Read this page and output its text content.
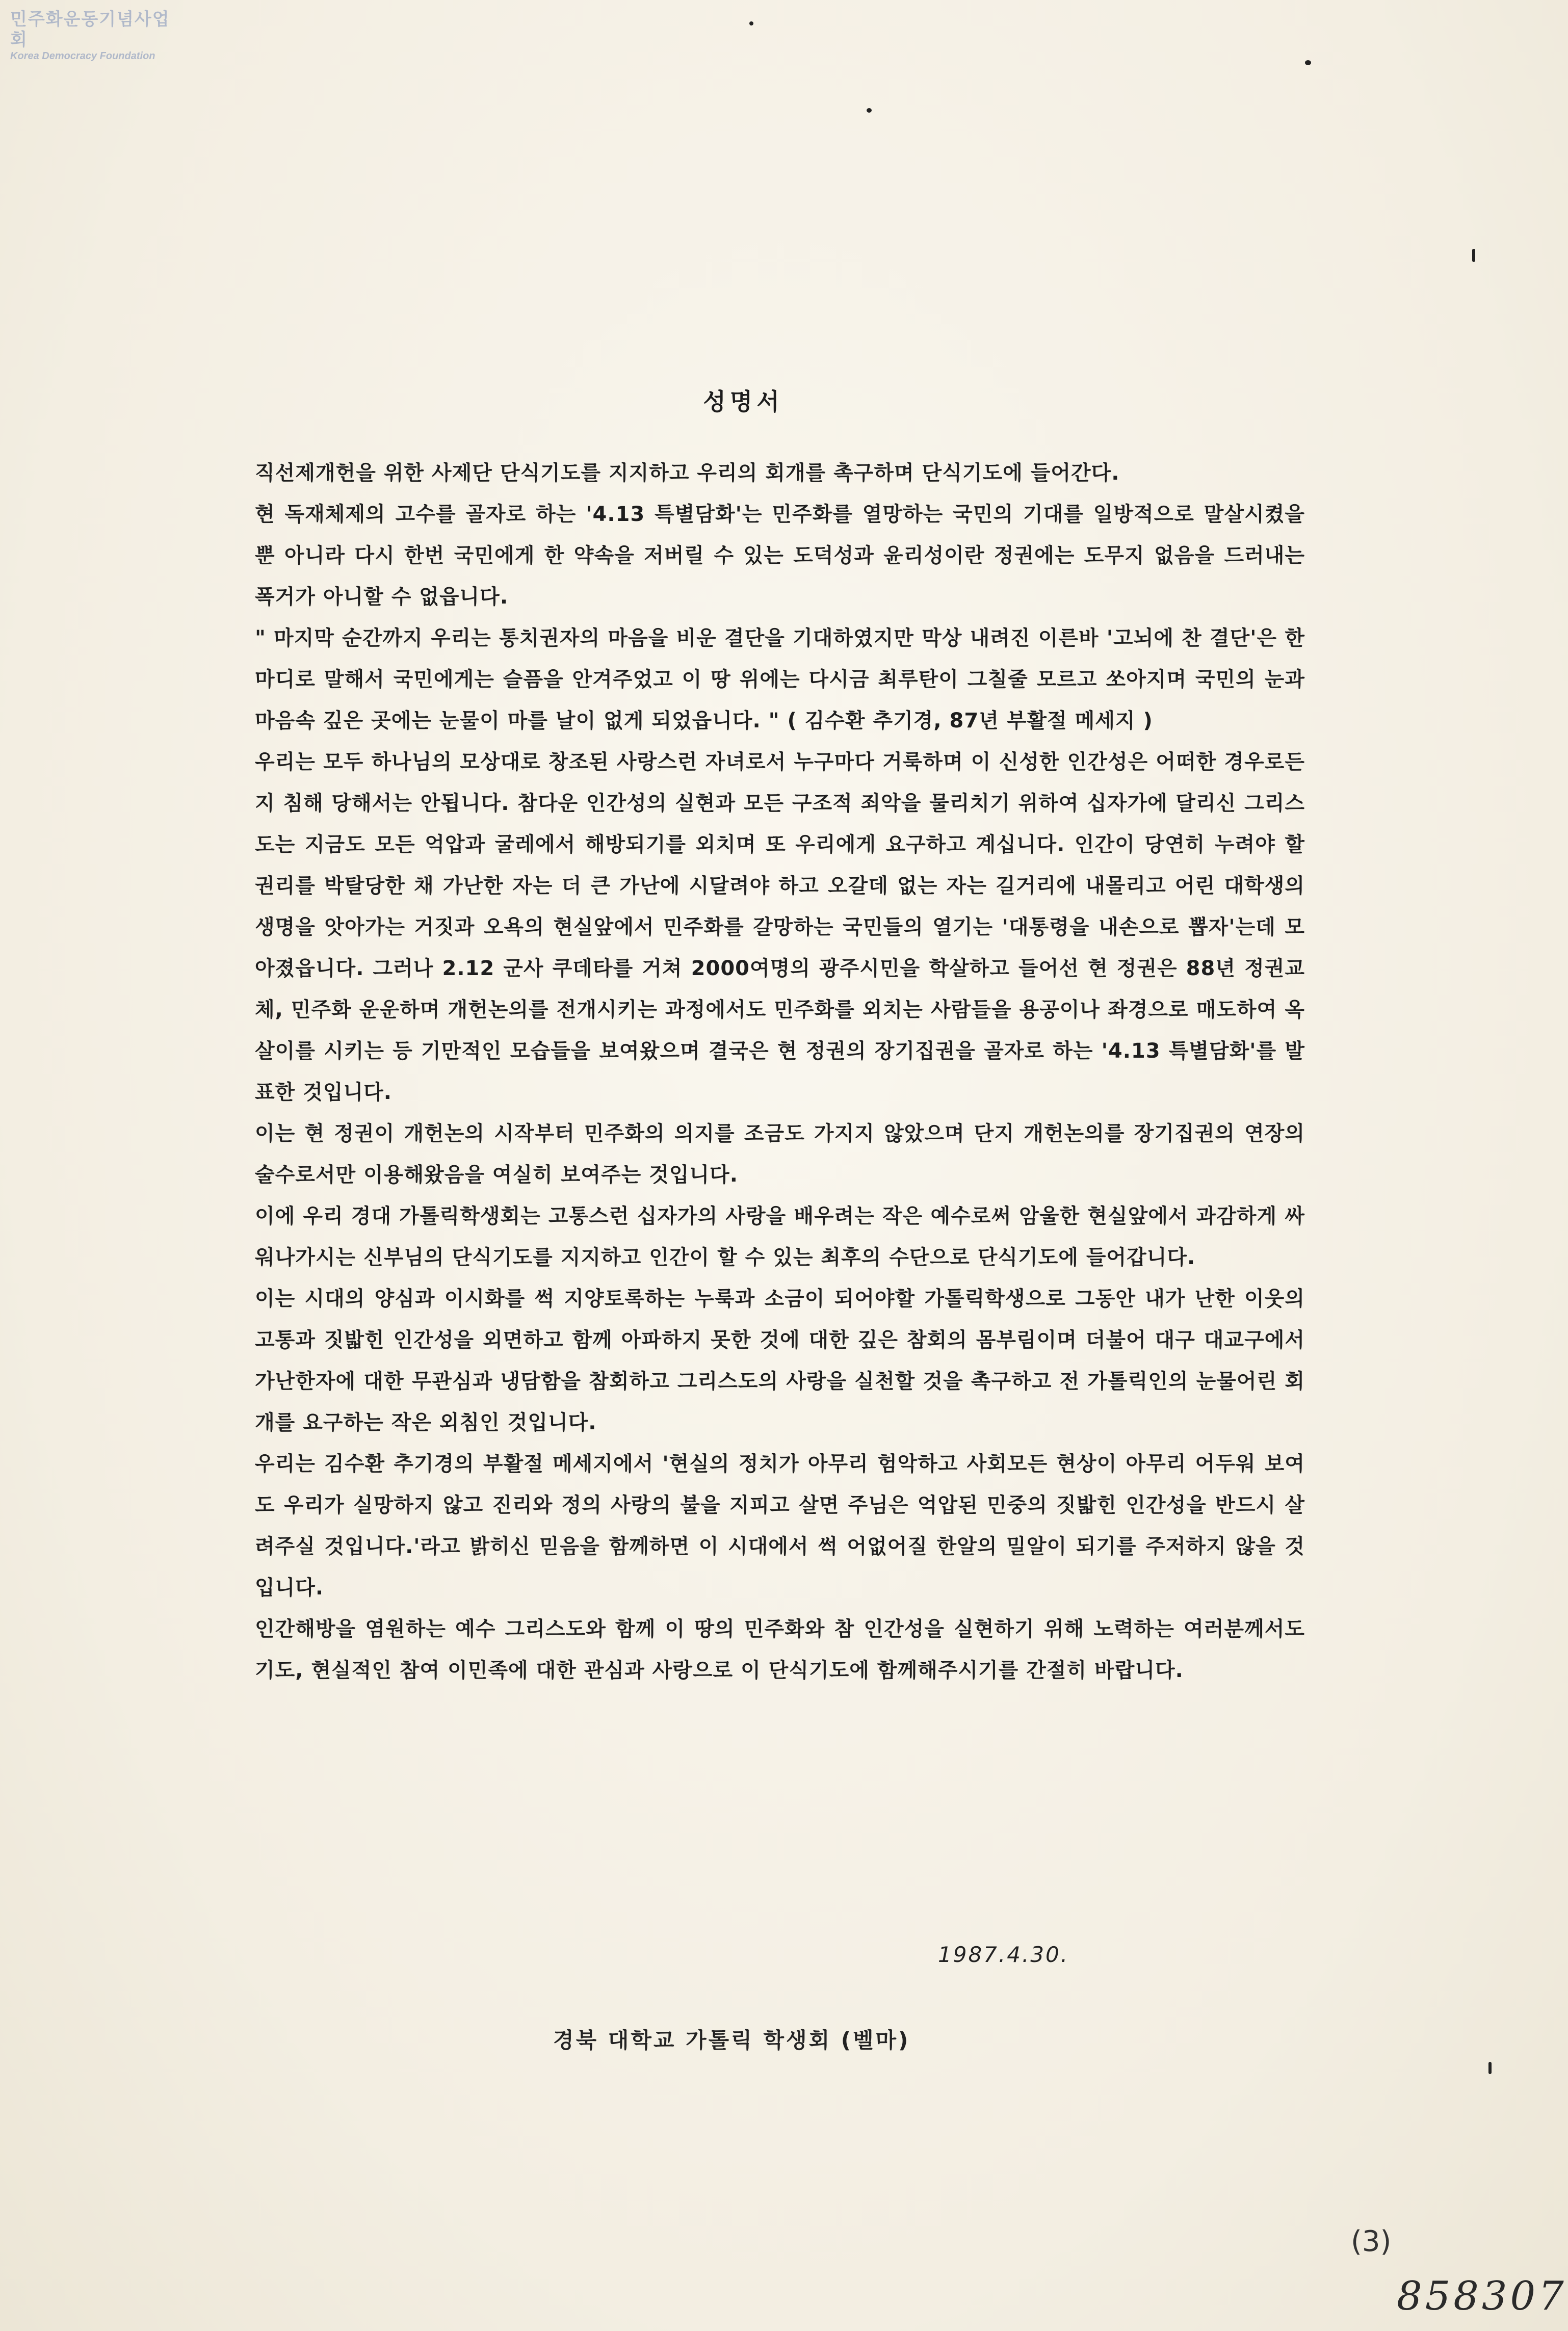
민주화운동기념사업회
Korea Democracy Foundation
성명서

직선제개헌을 위한 사제단 단식기도를 지지하고 우리의 회개를 촉구하며 단식기도에 들어간다.

현 독재체제의 고수를 골자로 하는 '4.13 특별담화'는 민주화를 열망하는 국민의 기대를 일방적으로 말살시켰을 뿐 아니라 다시 한번 국민에게 한 약속을 저버릴 수 있는 도덕성과 윤리성이란 정권에는 도무지 없음을 드러내는 폭거가 아니할 수 없읍니다.

" 마지막 순간까지 우리는 통치권자의 마음을 비운 결단을 기대하였지만 막상 내려진 이른바 '고뇌에 찬 결단'은 한마디로 말해서 국민에게는 슬픔을 안겨주었고 이 땅 위에는 다시금 최루탄이 그칠줄 모르고 쏘아지며 국민의 눈과 마음속 깊은 곳에는 눈물이 마를 날이 없게 되었읍니다. " ( 김수환 추기경, 87년 부활절 메세지 )

우리는 모두 하나님의 모상대로 창조된 사랑스런 자녀로서 누구마다 거룩하며 이 신성한 인간성은 어떠한 경우로든지 침해 당해서는 안됩니다. 참다운 인간성의 실현과 모든 구조적 죄악을 물리치기 위하여 십자가에 달리신 그리스도는 지금도 모든 억압과 굴레에서 해방되기를 외치며 또 우리에게 요구하고 계십니다. 인간이 당연히 누려야 할 권리를 박탈당한 채 가난한 자는 더 큰 가난에 시달려야 하고 오갈데 없는 자는 길거리에 내몰리고 어린 대학생의 생명을 앗아가는 거짓과 오욕의 현실앞에서 민주화를 갈망하는 국민들의 열기는 '대통령을 내손으로 뽑자'는데 모아졌읍니다. 그러나 2.12 군사 쿠데타를 거쳐 2000여명의 광주시민을 학살하고 들어선 현 정권은 88년 정권교체, 민주화 운운하며 개헌논의를 전개시키는 과정에서도 민주화를 외치는 사람들을 용공이나 좌경으로 매도하여 옥살이를 시키는 등 기만적인 모습들을 보여왔으며 결국은 현 정권의 장기집권을 골자로 하는 '4.13 특별담화'를 발표한 것입니다.

이는 현 정권이 개헌논의 시작부터 민주화의 의지를 조금도 가지지 않았으며 단지 개헌논의를 장기집권의 연장의 술수로서만 이용해왔음을 여실히 보여주는 것입니다.

이에 우리 경대 가톨릭학생회는 고통스런 십자가의 사랑을 배우려는 작은 예수로써 암울한 현실앞에서 과감하게 싸워나가시는 신부님의 단식기도를 지지하고 인간이 할 수 있는 최후의 수단으로 단식기도에 들어갑니다.

이는 시대의 양심과 이시화를 썩 지양토록하는 누룩과 소금이 되어야할 가톨릭학생으로 그동안 내가 난한 이웃의 고통과 짓밟힌 인간성을 외면하고 함께 아파하지 못한 것에 대한 깊은 참회의 몸부림이며 더불어 대구 대교구에서 가난한자에 대한 무관심과 냉담함을 참회하고 그리스도의 사랑을 실천할 것을 촉구하고 전 가톨릭인의 눈물어린 회개를 요구하는 작은 외침인 것입니다.

우리는 김수환 추기경의 부활절 메세지에서 '현실의 정치가 아무리 험악하고 사회모든 현상이 아무리 어두워 보여도 우리가 실망하지 않고 진리와 정의 사랑의 불을 지피고 살면 주님은 억압된 민중의 짓밟힌 인간성을 반드시 살려주실 것입니다.'라고 밝히신 믿음을 함께하면 이 시대에서 썩 어없어질 한알의 밀알이 되기를 주저하지 않을 것입니다.

인간해방을 염원하는 예수 그리스도와 함께 이 땅의 민주화와 참 인간성을 실현하기 위해 노력하는 여러분께서도 기도, 현실적인 참여 이민족에 대한 관심과 사랑으로 이 단식기도에 함께해주시기를 간절히 바랍니다.

1987.4.30.
경북 대학교 가톨릭 학생회 (벨마)
(3)
858307
